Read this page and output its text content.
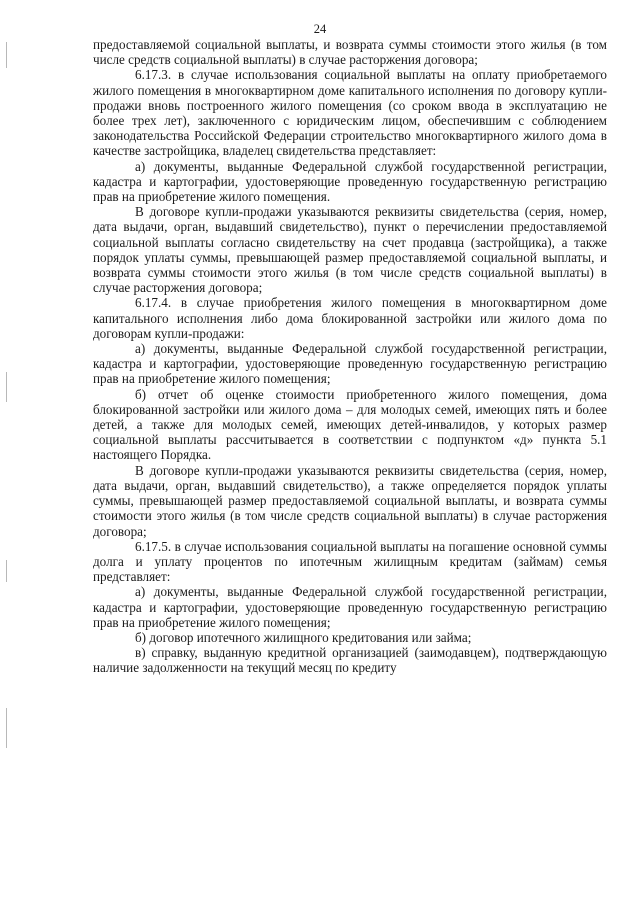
24

предоставляемой социальной выплаты, и возврата суммы стоимости этого жилья (в том числе средств социальной выплаты) в случае расторжения договора;

6.17.3. в случае использования социальной выплаты на оплату приобретаемого жилого помещения в многоквартирном доме капитального исполнения по договору купли-продажи вновь построенного жилого помещения (со сроком ввода в эксплуатацию не более трех лет), заключенного с юридическим лицом, обеспечившим с соблюдением законодательства Российской Федерации строительство многоквартирного жилого дома в качестве застройщика, владелец свидетельства представляет:

а) документы, выданные Федеральной службой государственной регистрации, кадастра и картографии, удостоверяющие проведенную государственную регистрацию прав на приобретение жилого помещения.

В договоре купли-продажи указываются реквизиты свидетельства (серия, номер, дата выдачи, орган, выдавший свидетельство), пункт о перечислении предоставляемой социальной выплаты согласно свидетельству на счет продавца (застройщика), а также порядок уплаты суммы, превышающей размер предоставляемой социальной выплаты, и возврата суммы стоимости этого жилья (в том числе средств социальной выплаты) в случае расторжения договора;

6.17.4. в случае приобретения жилого помещения в многоквартирном доме капитального исполнения либо дома блокированной застройки или жилого дома по договорам купли-продажи:

а) документы, выданные Федеральной службой государственной регистрации, кадастра и картографии, удостоверяющие проведенную государственную регистрацию прав на приобретение жилого помещения;

б) отчет об оценке стоимости приобретенного жилого помещения, дома блокированной застройки или жилого дома – для молодых семей, имеющих пять и более детей, а также для молодых семей, имеющих детей-инвалидов, у которых размер социальной выплаты рассчитывается в соответствии с подпунктом «д» пункта 5.1 настоящего Порядка.

В договоре купли-продажи указываются реквизиты свидетельства (серия, номер, дата выдачи, орган, выдавший свидетельство), а также определяется порядок уплаты суммы, превышающей размер предоставляемой социальной выплаты, и возврата суммы стоимости этого жилья (в том числе средств социальной выплаты) в случае расторжения договора;

6.17.5. в случае использования социальной выплаты на погашение основной суммы долга и уплату процентов по ипотечным жилищным кредитам (займам) семья представляет:

а) документы, выданные Федеральной службой государственной регистрации, кадастра и картографии, удостоверяющие проведенную государственную регистрацию прав на приобретение жилого помещения;

б) договор ипотечного жилищного кредитования или займа;

в) справку, выданную кредитной организацией (заимодавцем), подтверждающую наличие задолженности на текущий месяц по кредиту
